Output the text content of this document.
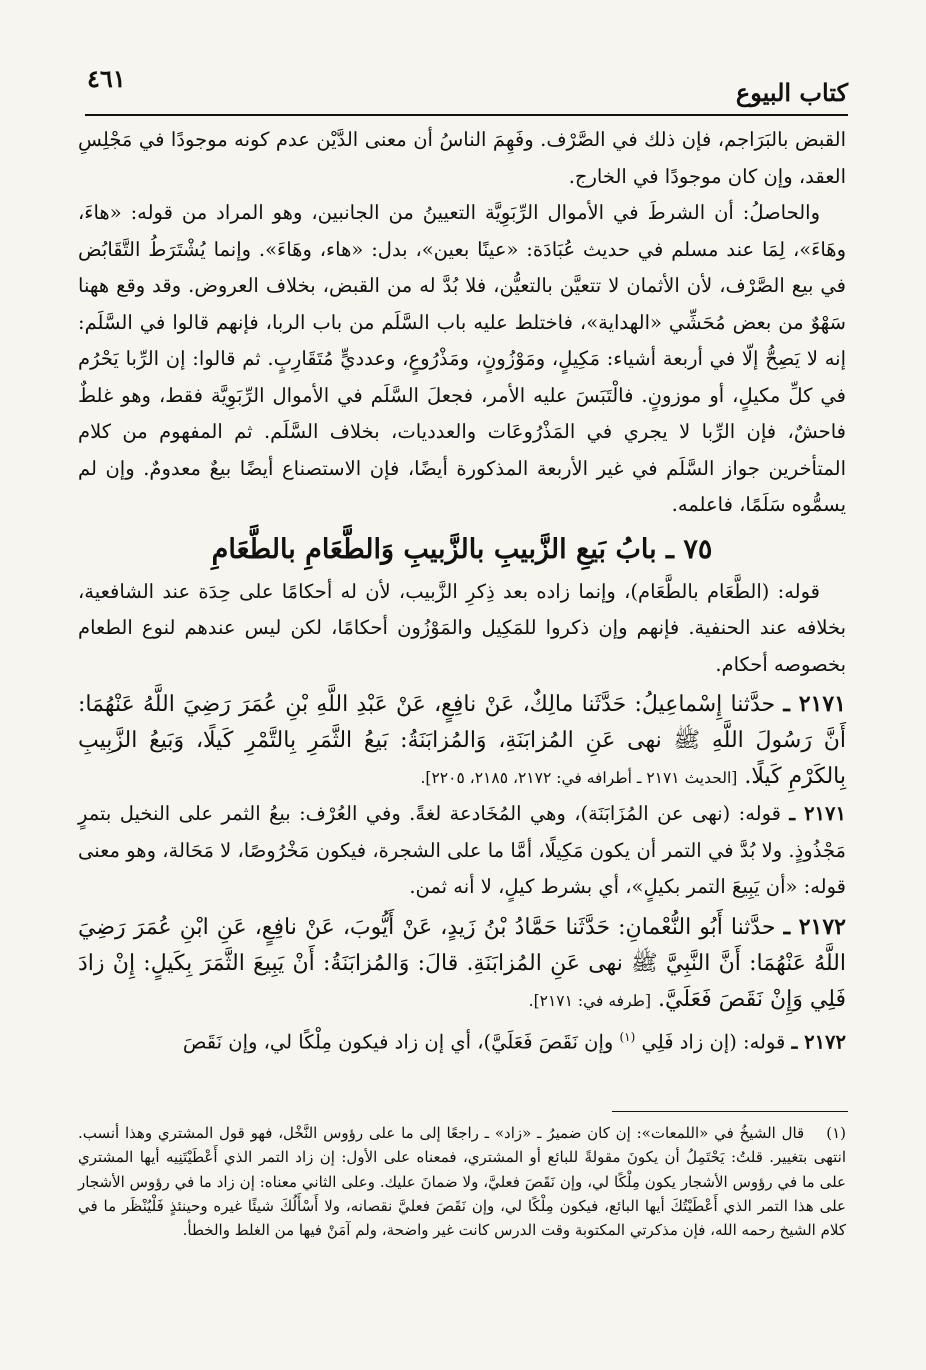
٤٦١	كتاب البيوع

القبض بالبَرَاجم، فإن ذلك في الصَّرْف. وفَهِمَ الناسُ أن معنى الدَّيْن عدم كونه موجودًا في مَجْلِسِ العقد، وإن كان موجودًا في الخارج.

والحاصلُ: أن الشرطَ في الأموال الرِّبَوِيَّة التعيينُ من الجانبين، وهو المراد من قوله: «هاءَ، وهَاءَ»، لِمَا عند مسلم في حديث عُبَادَة: «عينًا بعين»، بدل: «هاء، وهَاءَ». وإنما يُشْتَرَطُ التَّقَابُض في بيع الصَّرْف، لأن الأثمان لا تتعيَّن بالتعيُّن، فلا بُدَّ له من القبض، بخلاف العروض. وقد وقع ههنا سَهْوٌ من بعض مُحَشِّي «الهداية»، فاختلط عليه باب السَّلَم من باب الربا، فإنهم قالوا في السَّلَم: إنه لا يَصِحُّ إلّا في أربعة أشياء: مَكِيلٍ، ومَوْزُونٍ، ومَذْرُوعٍ، وعدديٍّ مُتَقَارِبٍ. ثم قالوا: إن الرِّبا يَحْرُم في كلِّ مكيلٍ، أو موزونٍ. فالْتَبَسَ عليه الأمر، فجعلَ السَّلَم في الأموال الرِّبَوِيَّة فقط، وهو غلطٌ فاحشٌ، فإن الرِّبا لا يجري في المَذْرُوعَات والعدديات، بخلاف السَّلَم. ثم المفهوم من كلام المتأخرين جواز السَّلَم في غير الأربعة المذكورة أيضًا، فإن الاستصناع أيضًا بيعٌ معدومٌ. وإن لم يسمُّوه سَلَمًا، فاعلمه.

٧٥ ـ بابُ بَيعِ الزَّبيبِ بالزَّبيبِ وَالطَّعَامِ بالطَّعَامِ

قوله: (الطَّعَام بالطَّعَام)، وإنما زاده بعد ذِكرِ الزَّبيب، لأن له أحكامًا على حِدَة عند الشافعية، بخلافه عند الحنفية. فإنهم وإن ذكروا للمَكِيل والمَوْزُون أحكامًا، لكن ليس عندهم لنوع الطعام بخصوصه أحكام.

٢١٧١ ـ حدَّثنا إِسْماعِيلُ: حَدَّثَنا مالِكٌ، عَنْ نافِعٍ، عَنْ عَبْدِ اللَّهِ بْنِ عُمَرَ رَضِيَ اللَّهُ عَنْهُمَا: أَنَّ رَسُولَ اللَّهِ ﷺ نهى عَنِ المُزابَنَةِ، وَالمُزابَنَةُ: بَيعُ الثَّمَرِ بِالتَّمْرِ كَيلًا، وَبَيعُ الزَّبِيبِ بِالكَرْمِ كَيلًا. [الحديث ٢١٧١ ـ أطرافه في: ٢١٧٢، ٢١٨٥، ٢٢٠٥].

٢١٧١ ـ قوله: (نهى عن المُزَابَنَة)، وهي المُخَادعة لغةً. وفي العُرْف: بيعُ الثمر على النخيل بتمرٍ مَجْذُوذٍ. ولا بُدَّ في التمر أن يكون مَكِيلًا، أمَّا ما على الشجرة، فيكون مَخْرُوصًا، لا مَحَالة، وهو معنى قوله: «أن يَبِيعَ التمر بكيلٍ»، أي بشرط كيلٍ، لا أنه ثمن.

٢١٧٢ ـ حدَّثنا أَبُو النُّعْمانِ: حَدَّثَنا حَمَّادُ بْنُ زَيدٍ، عَنْ أَيُّوبَ، عَنْ نافِعٍ، عَنِ ابْنِ عُمَرَ رَضِيَ اللَّهُ عَنْهُمَا: أَنَّ النَّبِيَّ ﷺ نهى عَنِ المُزابَنَةِ. قالَ: وَالمُزابَنَةُ: أَنْ يَبِيعَ الثَّمَرَ بِكَيلٍ: إِنْ زادَ فَلِي وَإِنْ نَقَصَ فَعَلَيَّ. [طرفه في: ٢١٧١].

٢١٧٢ ـ قوله: (إن زاد فَلِي $^{(١)}$ وإن نَقَصَ فَعَلَيَّ)، أي إن زاد فيكون مِلْكًا لي، وإن نَقَصَ

(١) قال الشيخُ في «اللمعات»: إن كان ضميرُ ـ «زاد» ـ راجعًا إلى ما على رؤوس النَّخْل، فهو قول المشتري وهذا أنسب. انتهى بتغيير. قلتُ: يَحْتَمِلُ أن يكونَ مقولةً للبائع أو المشتري، فمعناه على الأول: إن زاد التمر الذي أَعْطَيْتَنِيه أيها المشتري على ما في رؤوس الأشجار يكون مِلْكًا لي، وإن نَقَصَ فعليَّ، ولا ضمانَ عليك. وعلى الثاني معناه: إن زاد ما في رؤوس الأشجار على هذا التمر الذي أَعْطَيْتُكَ أيها البائع، فيكون مِلْكًا لي، وإن نَقَصَ فعليَّ نقصانه، ولا أَسْأَلُكَ شيئًا غيره وحينئذٍ فَلْيُنْظَر ما في كلام الشيخ رحمه الله، فإن مذكرتي المكتوبة وقت الدرس كانت غير واضحة، ولم آمَنْ فيها من الغلط والخطأ.
